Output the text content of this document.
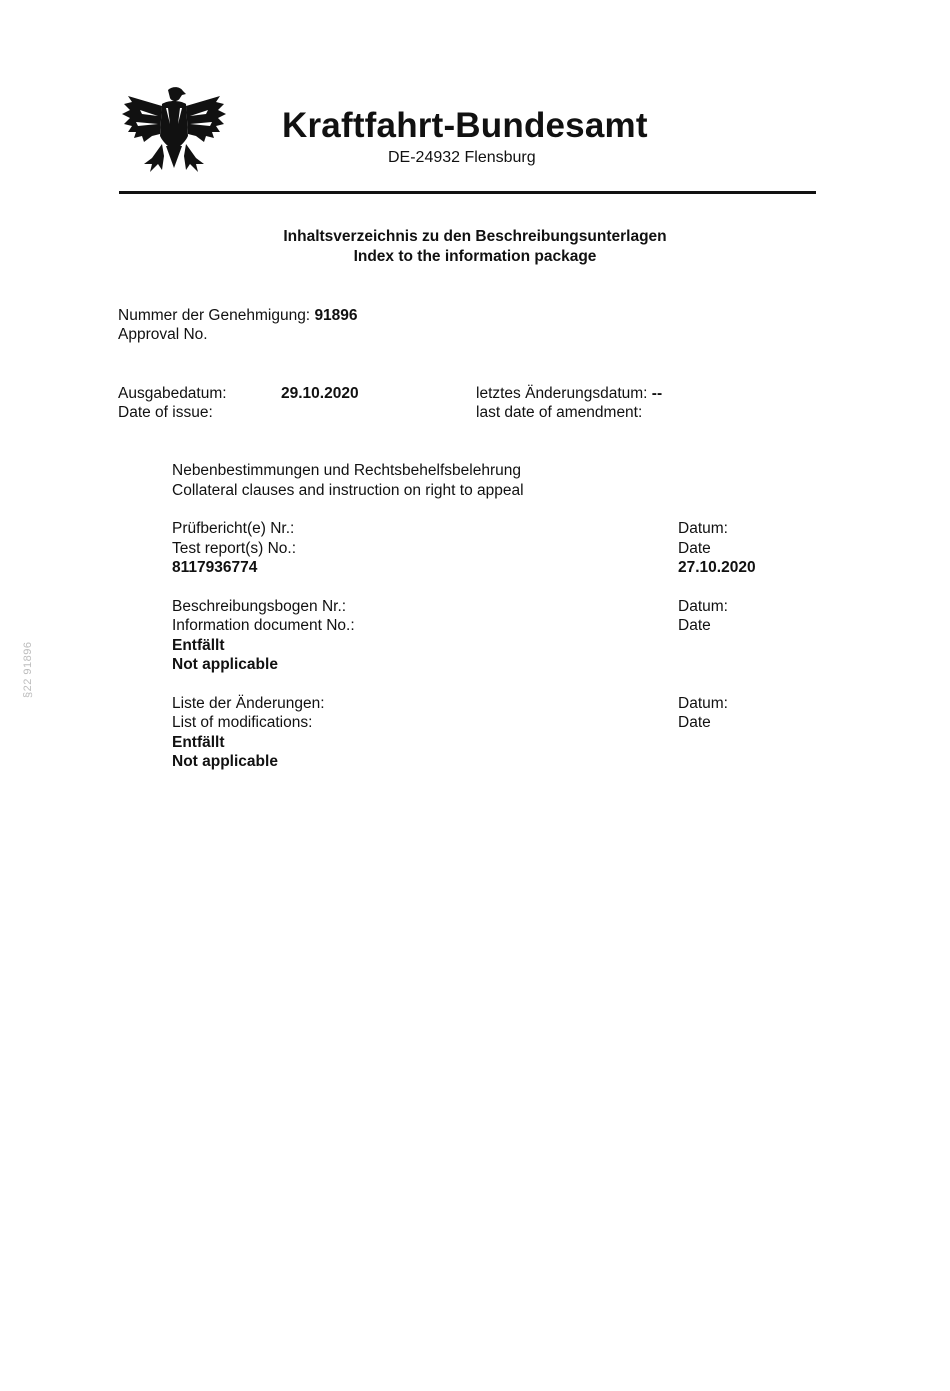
Kraftfahrt-Bundesamt
DE-24932 Flensburg
Inhaltsverzeichnis zu den Beschreibungsunterlagen
Index to the information package
Nummer der Genehmigung: 91896
Approval No.
Ausgabedatum:
Date of issue:
29.10.2020	letztes Änderungsdatum: --
last date of amendment:
Nebenbestimmungen und Rechtsbehelfsbelehrung
Collateral clauses and instruction on right to appeal
Prüfbericht(e) Nr.:
Test report(s) No.:
8117936774
Datum:
Date
27.10.2020
Beschreibungsbogen Nr.:
Information document No.:
Entfällt
Not applicable
Datum:
Date
Liste der Änderungen:
List of modifications:
Entfällt
Not applicable
Datum:
Date
§22 91896
